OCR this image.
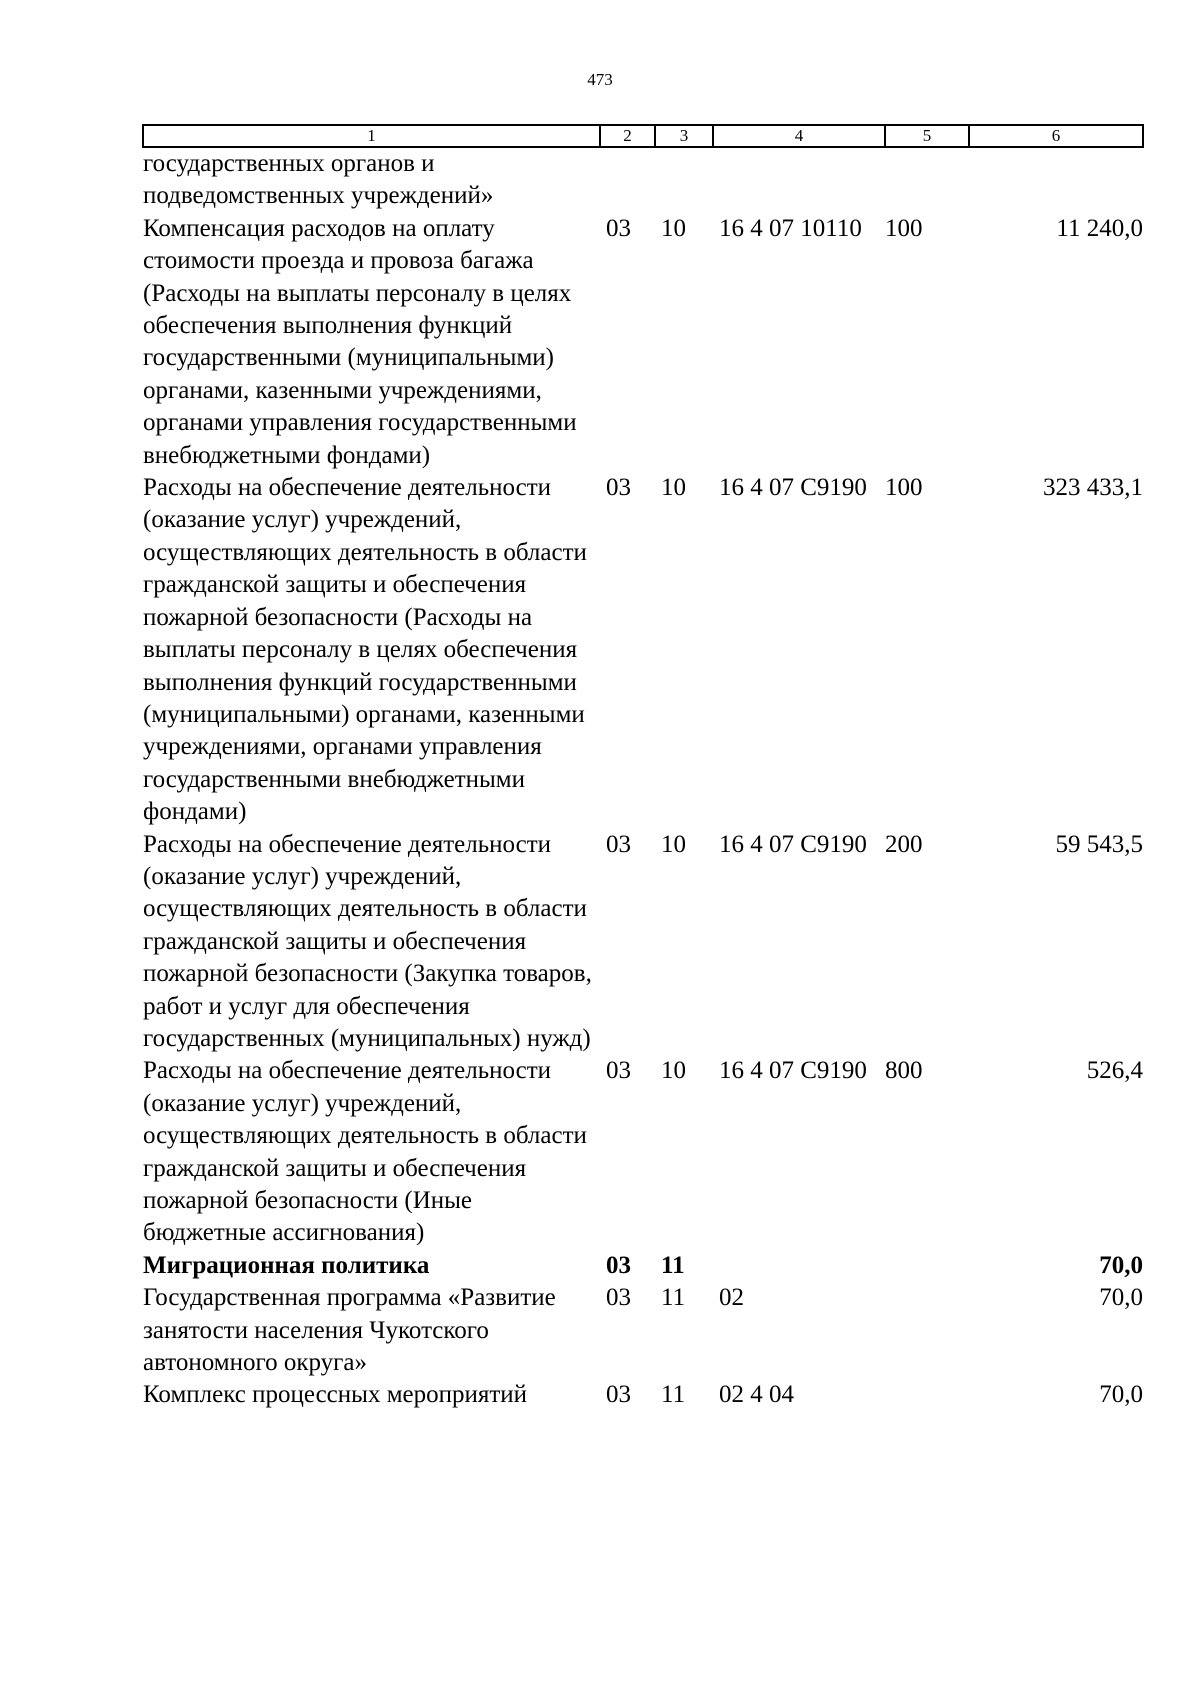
473
1	2	3	4	5	6
государственных органов и подведомственных учреждений»					
Компенсация расходов на оплату стоимости проезда и провоза багажа (Расходы на выплаты персоналу в целях обеспечения выполнения функций государственными (муниципальными) органами, казенными учреждениями, органами управления государственными внебюджетными фондами)	03	10	16 4 07 10110	100	11 240,0
Расходы на обеспечение деятельности (оказание услуг) учреждений, осуществляющих деятельность в области гражданской защиты и обеспечения пожарной безопасности (Расходы на выплаты персоналу в целях обеспечения выполнения функций государственными (муниципальными) органами, казенными учреждениями, органами управления государственными внебюджетными фондами)	03	10	16 4 07 С9190	100	323 433,1
Расходы на обеспечение деятельности (оказание услуг) учреждений, осуществляющих деятельность в области гражданской защиты и обеспечения пожарной безопасности (Закупка товаров, работ и услуг для обеспечения государственных (муниципальных) нужд)	03	10	16 4 07 С9190	200	59 543,5
Расходы на обеспечение деятельности (оказание услуг) учреждений, осуществляющих деятельность в области гражданской защиты и обеспечения пожарной безопасности (Иные бюджетные ассигнования)	03	10	16 4 07 С9190	800	526,4
Миграционная политика	03	11			70,0
Государственная программа «Развитие занятости населения Чукотского автономного округа»	03	11	02		70,0
Комплекс процессных мероприятий	03	11	02 4 04		70,0
